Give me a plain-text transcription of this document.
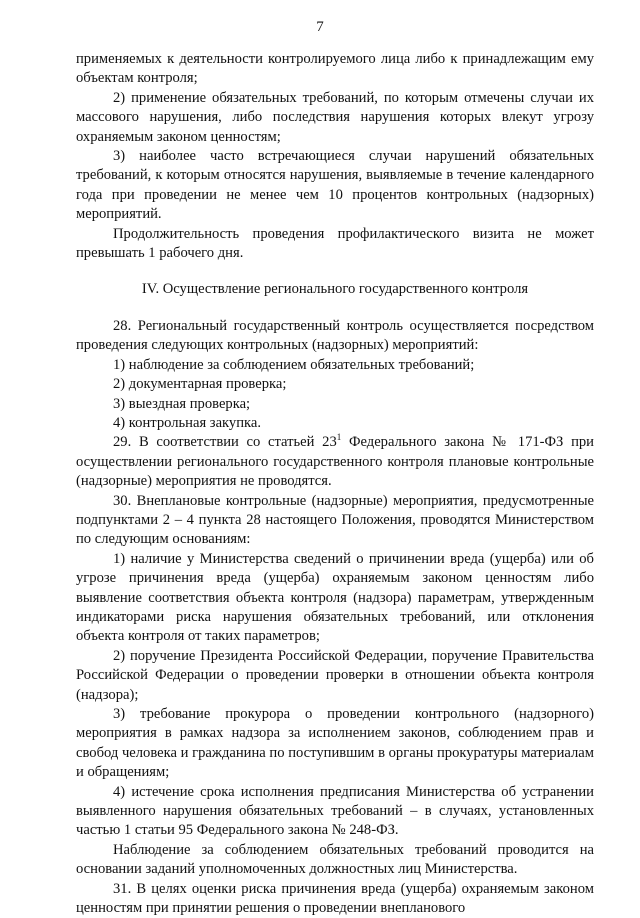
7

применяемых к деятельности контролируемого лица либо к принадлежащим ему объектам контроля;

2) применение обязательных требований, по которым отмечены случаи их массового нарушения, либо последствия нарушения которых влекут угрозу охраняемым законом ценностям;

3) наиболее часто встречающиеся случаи нарушений обязательных требований, к которым относятся нарушения, выявляемые в течение календарного года при проведении не менее чем 10 процентов контрольных (надзорных) мероприятий.

Продолжительность проведения профилактического визита не может превышать 1 рабочего дня.

IV. Осуществление регионального государственного контроля

28. Региональный государственный контроль осуществляется посредством проведения следующих контрольных (надзорных) мероприятий:

1) наблюдение за соблюдением обязательных требований;

2) документарная проверка;

3) выездная проверка;

4) контрольная закупка.

29. В соответствии со статьей $23^1$ Федерального закона № 171-ФЗ при осуществлении регионального государственного контроля плановые контрольные (надзорные) мероприятия не проводятся.

30. Внеплановые контрольные (надзорные) мероприятия, предусмотренные подпунктами 2 – 4 пункта 28 настоящего Положения, проводятся Министерством по следующим основаниям:

1) наличие у Министерства сведений о причинении вреда (ущерба) или об угрозе причинения вреда (ущерба) охраняемым законом ценностям либо выявление соответствия объекта контроля (надзора) параметрам, утвержденным индикаторами риска нарушения обязательных требований, или отклонения объекта контроля от таких параметров;

2) поручение Президента Российской Федерации, поручение Правительства Российской Федерации о проведении проверки в отношении объекта контроля (надзора);

3) требование прокурора о проведении контрольного (надзорного) мероприятия в рамках надзора за исполнением законов, соблюдением прав и свобод человека и гражданина по поступившим в органы прокуратуры материалам и обращениям;

4) истечение срока исполнения предписания Министерства об устранении выявленного нарушения обязательных требований – в случаях, установленных частью 1 статьи 95 Федерального закона № 248-ФЗ.

Наблюдение за соблюдением обязательных требований проводится на основании заданий уполномоченных должностных лиц Министерства.

31. В целях оценки риска причинения вреда (ущерба) охраняемым законом ценностям при принятии решения о проведении внепланового
